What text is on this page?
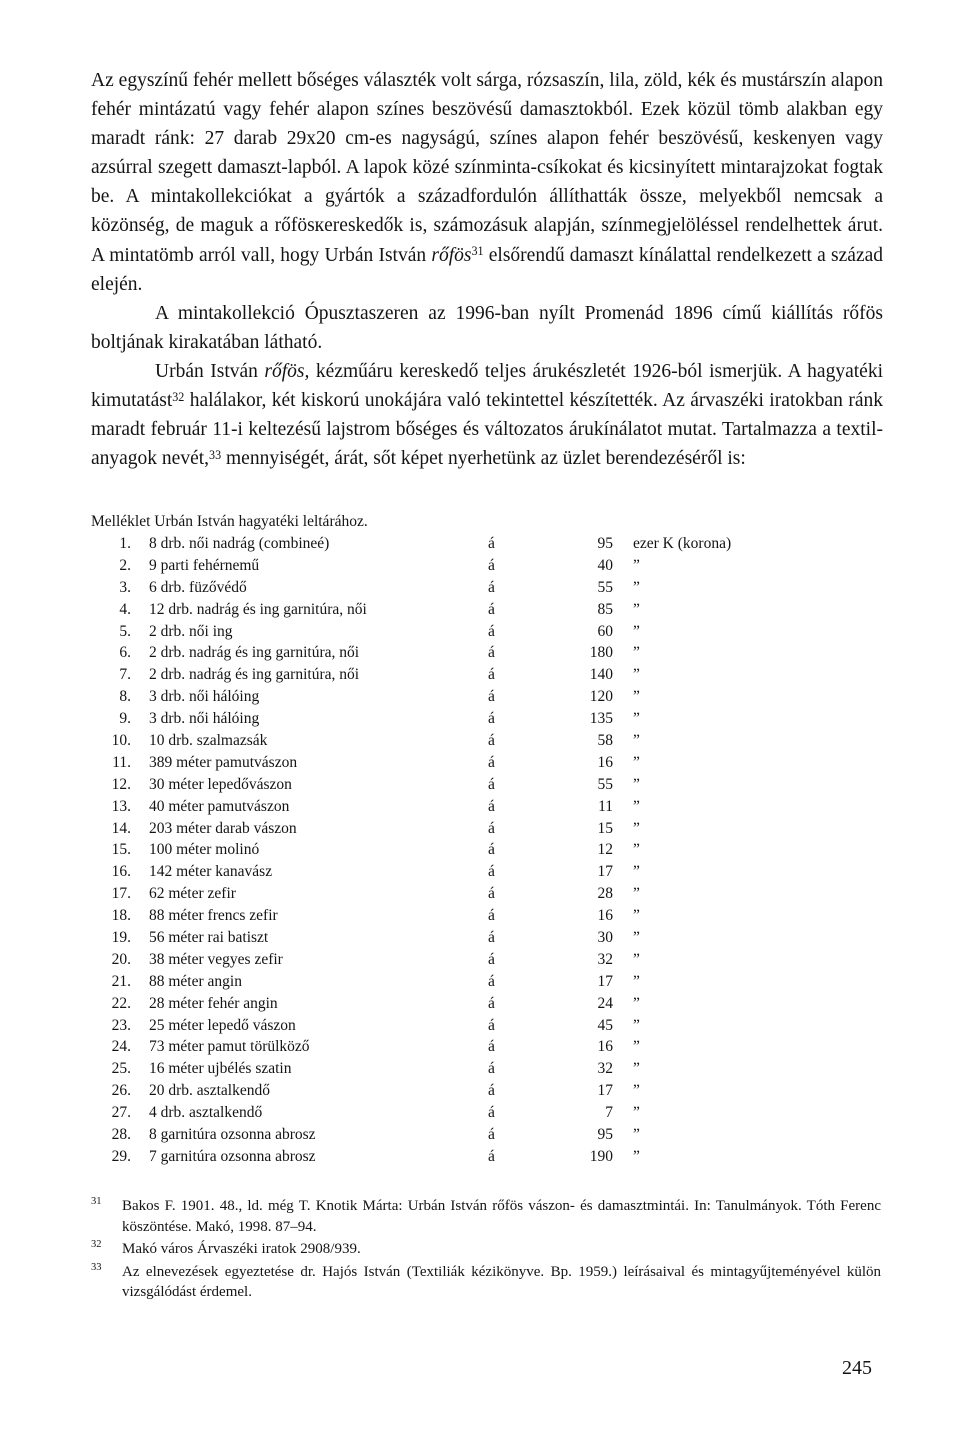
Az egyszínű fehér mellett bőséges választék volt sárga, rózsaszín, lila, zöld, kék és mustárszín alapon fehér mintázatú vagy fehér alapon színes beszövésű damasztokból. Ezek közül tömb alakban egy maradt ránk: 27 darab 29x20 cm-es nagyságú, színes alapon fehér beszövésű, keskenyen vagy azsúrral szegett damaszt-lapból. A lapok közé színminta-csíkokat és kicsinyített mintarajzokat fogtak be. A mintakollekciókat a gyártók a századfordulón állíthatták össze, melyekből nemcsak a közönség, de maguk a rőfösкereskedők is, számozásuk alapján, színmegjelöléssel rendelhettek árut. A mintatömb arról vall, hogy Urbán István rőfös$^{31}$ elsőrendű damaszt kínálattal rendelkezett a század elején.

A mintakollekció Ópusztaszeren az 1996-ban nyílt Promenád 1896 című kiállítás rőfös boltjának kirakatában látható.

Urbán István rőfös, kézműáru kereskedő teljes árukészletét 1926-ból ismerjük. A hagyatéki kimutatást$^{32}$ halálakor, két kiskorú unokájára való tekintettel készítették. Az árvaszéki iratokban ránk maradt február 11-i keltezésű lajstrom bőséges és változatos árukínálatot mutat. Tartalmazza a textil-anyagok nevét,$^{33}$ mennyiségét, árát, sőt képet nyerhetünk az üzlet berendezéséről is:

Melléklet Urbán István hagyatéki leltárához.
1. 8 drb. női nadrág (combineé)	á	95 ezer K (korona)
2. 9 parti fehérnemű	á	40 ”
3. 6 drb. füzővédő	á	55 ”
4. 12 drb. nadrág és ing garnitúra, női	á	85 ”
5. 2 drb. női ing	á	60 ”
6. 2 drb. nadrág és ing garnitúra, női	á	180 ”
7. 2 drb. nadrág és ing garnitúra, női	á	140 ”
8. 3 drb. női hálóing	á	120 ”
9. 3 drb. női hálóing	á	135 ”
10. 10 drb. szalmazsák	á	58 ”
11. 389 méter pamutvászon	á	16 ”
12. 30 méter lepedővászon	á	55 ”
13. 40 méter pamutvászon	á	11 ”
14. 203 méter darab vászon	á	15 ”
15. 100 méter molinó	á	12 ”
16. 142 méter kanavász	á	17 ”
17. 62 méter zefir	á	28 ”
18. 88 méter frencs zefir	á	16 ”
19. 56 méter rai batiszt	á	30 ”
20. 38 méter vegyes zefir	á	32 ”
21. 88 méter angin	á	17 ”
22. 28 méter fehér angin	á	24 ”
23. 25 méter lepedő vászon	á	45 ”
24. 73 méter pamut törülköző	á	16 ”
25. 16 méter ujbélés szatin	á	32 ”
26. 20 drb. asztalkendő	á	17 ”
27. 4 drb. asztalkendő	á	7 ”
28. 8 garnitúra ozsonna abrosz	á	95 ”
29. 7 garnitúra ozsonna abrosz	á	190 ”
31 Bakos F. 1901. 48., ld. még T. Knotik Márta: Urbán István rőfös vászon- és damasztmintái. In: Tanulmányok. Tóth Ferenc köszöntése. Makó, 1998. 87–94.
32 Makó város Árvaszéki iratok 2908/939.
33 Az elnevezések egyeztetése dr. Hajós István (Textiliák kézikönyve. Bp. 1959.) leírásaival és mintagyűjteményével külön vizsgálódást érdemel.
245
